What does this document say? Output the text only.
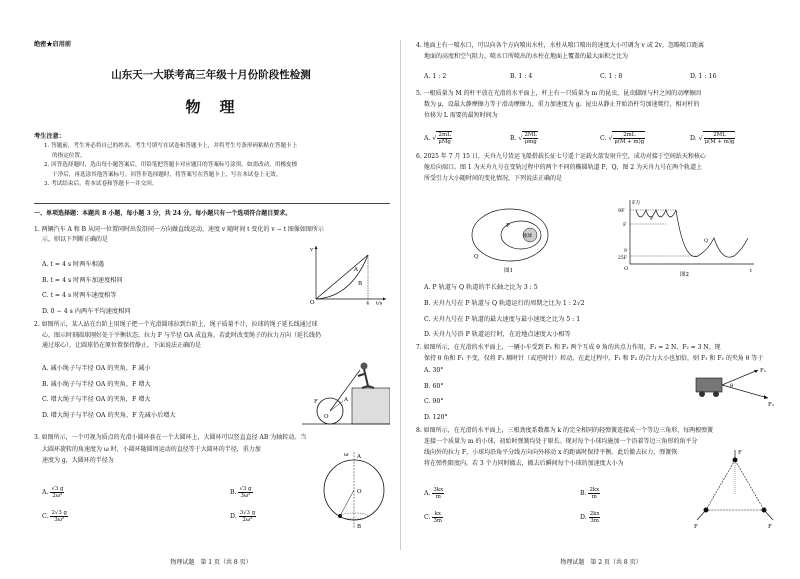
绝密★启用前
山东天一大联考高三年级十月份阶段性检测
物　理
考生注意：
1. 答题前，考生务必将自己的姓名、考生号填写在试卷和答题卡上，并将考生号条形码粘贴在答题卡上
的指定位置。
2. 回答选择题时，选出每小题答案后，用铅笔把答题卡对应题目的答案标号涂黑。如需改动，用橡皮擦
干净后，再选涂其他答案标号。回答非选择题时，将答案写在答题卡上，写在本试卷上无效。
3. 考试结束后，将本试卷和答题卡一并交回。
一、单项选择题：本题共 8 小题，每小题 3 分，共 24 分。每小题只有一个选项符合题目要求。
1. 两辆汽车 A 和 B 从同一位置同时出发沿同一方向做直线运动，速度 v 随时间 t 变化的 v − t 图像如图所示
示，则以下判断正确的是
A. t = 4 s 时两车相遇
B. t = 4 s 时两车加速度相同
C. t = 4 s 时两车速度相等
D. 0 − 4 s 内两车平均速度相同
v
O
A
B
4 t/s
2. 如图所示，某人站在台阶上用绳子把一个光滑圆球拉到台阶上，绳子质量不计，拉球的绳子延长线通过球
心，图示时刻圆球刚好处于平衡状态，拉力 F 与半径 OA 成直角。若此时改变绳子的拉力方向（延长线仍
通过球心），让圆球仍在原位置保持静止，下面说法正确的是
A. 减小绳子与半径 OA 的夹角，F 减小
B. 减小绳子与半径 OA 的夹角，F 增大
C. 增大绳子与半径 OA 的夹角，F 增大
D. 增大绳子与半径 OA 的夹角，F 先减小后增大
F
O
A
3. 如图所示，一个可视为质点的光滑小圆环套在一个大圆环上，大圆环可以竖直直径 AB 为轴转动。当
大圆环旋转的角速度为 ω 时，小圆环随圆周运动的直径等于大圆环的半径，重力加
速度为 g，大圆环的半径为
A. $\frac{√3 g}{\text{2ω²}}$	B. $\frac{√3 g}{\text{3ω²}}$
C. $\frac{2√3 g}{\text{3ω²}}$	D. $\frac{3√3 g}{\text{2ω²}}$
A
B
O
ω
物理试题　第 1 页（共 8 页）
4. 地面上有一喷水口，可以向各个方向喷出水柱，水柱从喷口喷出的速度大小可调为 v 或 2v，忽略喷口距离
地面的高度和空气阻力，喷水口所喷出的水柱在地面上覆盖的最大面积之比为
A. 1 : 2	B. 1 : 4	C. 1 : 8	D. 1 : 16
5. 一根质量为 M 的杆平放在光滑的水平面上，杆上有一只质量为 m 的昆虫，昆虫脚趾与杆之间的动摩擦因
数为 μ，设最大静摩擦力等于滑动摩擦力，重力加速度为 g。昆虫从静止开始沿杆匀加速爬行，相对杆的
位移为 L 需要的最短时间为
A. √ $\frac{2mL}{\text{μMg}}$	B. √ $\frac{2ML}{\text{μmg}}$	C. √ $\frac{2mL}{\mu(M + m)g}$	D. √ $\frac{2ML}{\mu(M + m)g}$
6. 2025 年 7 月 15 日，天舟九号货运飞船搭载长征七号遥十运载火箭发射升空，成功对接于空间站天和核心
舱后向端口。图 1 为天舟九号在变轨过程中的两个不同的椭圆轨道 P，Q，图 2 为天舟九号在两个轨道上
所受引力大小随时间的变化情况，下列说法正确的是
地球
P
Q
图1
F万
9F
F
9
25F
O	t
P
Q
图2
A. P 轨道与 Q 轨道的半长轴之比为 3 : 5
B. 天舟九号在 P 轨道与 Q 轨道运行的周期之比为 1 : 2√2
C. 天舟九号在 P 轨道的最大速度与最小速度之比为 5 : 1
D. 天舟九号沿 P 轨道运行时，在近地点速度大小相等
7. 如图所示，在光滑的水平面上，一辆小车受到 F₁ 和 F₂ 两个互成 θ 角的共点力作用，F₁ = 2 N，F₂ = 3 N。现
保持 θ 角和 F₁ 不变，仅将 F₁ 顺时针（或逆时针）转动，在此过程中，F₁ 和 F₂ 的合力大小也加倍，则 F₁ 和 F₂ 的夹角 θ 等于
A. 30°
B. 60°
C. 90°
D. 120°
F₁
F₂
θ
8. 如图所示，在光滑的水平面上，三根劲度系数都为 k 的完全相同的轻弹簧连接成一个等边三角形，每两根弹簧
连接一个质量为 m 的小球，初始时弹簧均处于原长。现对每个小球均施加一个沿着等边三角形的角平分
线向外的拉力 F，小球均沿角平分线方向向外移动 x 的距离时保持平衡。此后撤去拉力，弹簧恢
将在弹性限度内。若 3 个力同时撤去，撤去后瞬间每个小球的加速度大小为
A. $\frac{3kx}{m}$	B. $\frac{2kx}{m}$
C. $\frac{kx}{3m}$	D. $\frac{2kx}{3m}$
F
F	F
物理试题　第 2 页（共 8 页）
